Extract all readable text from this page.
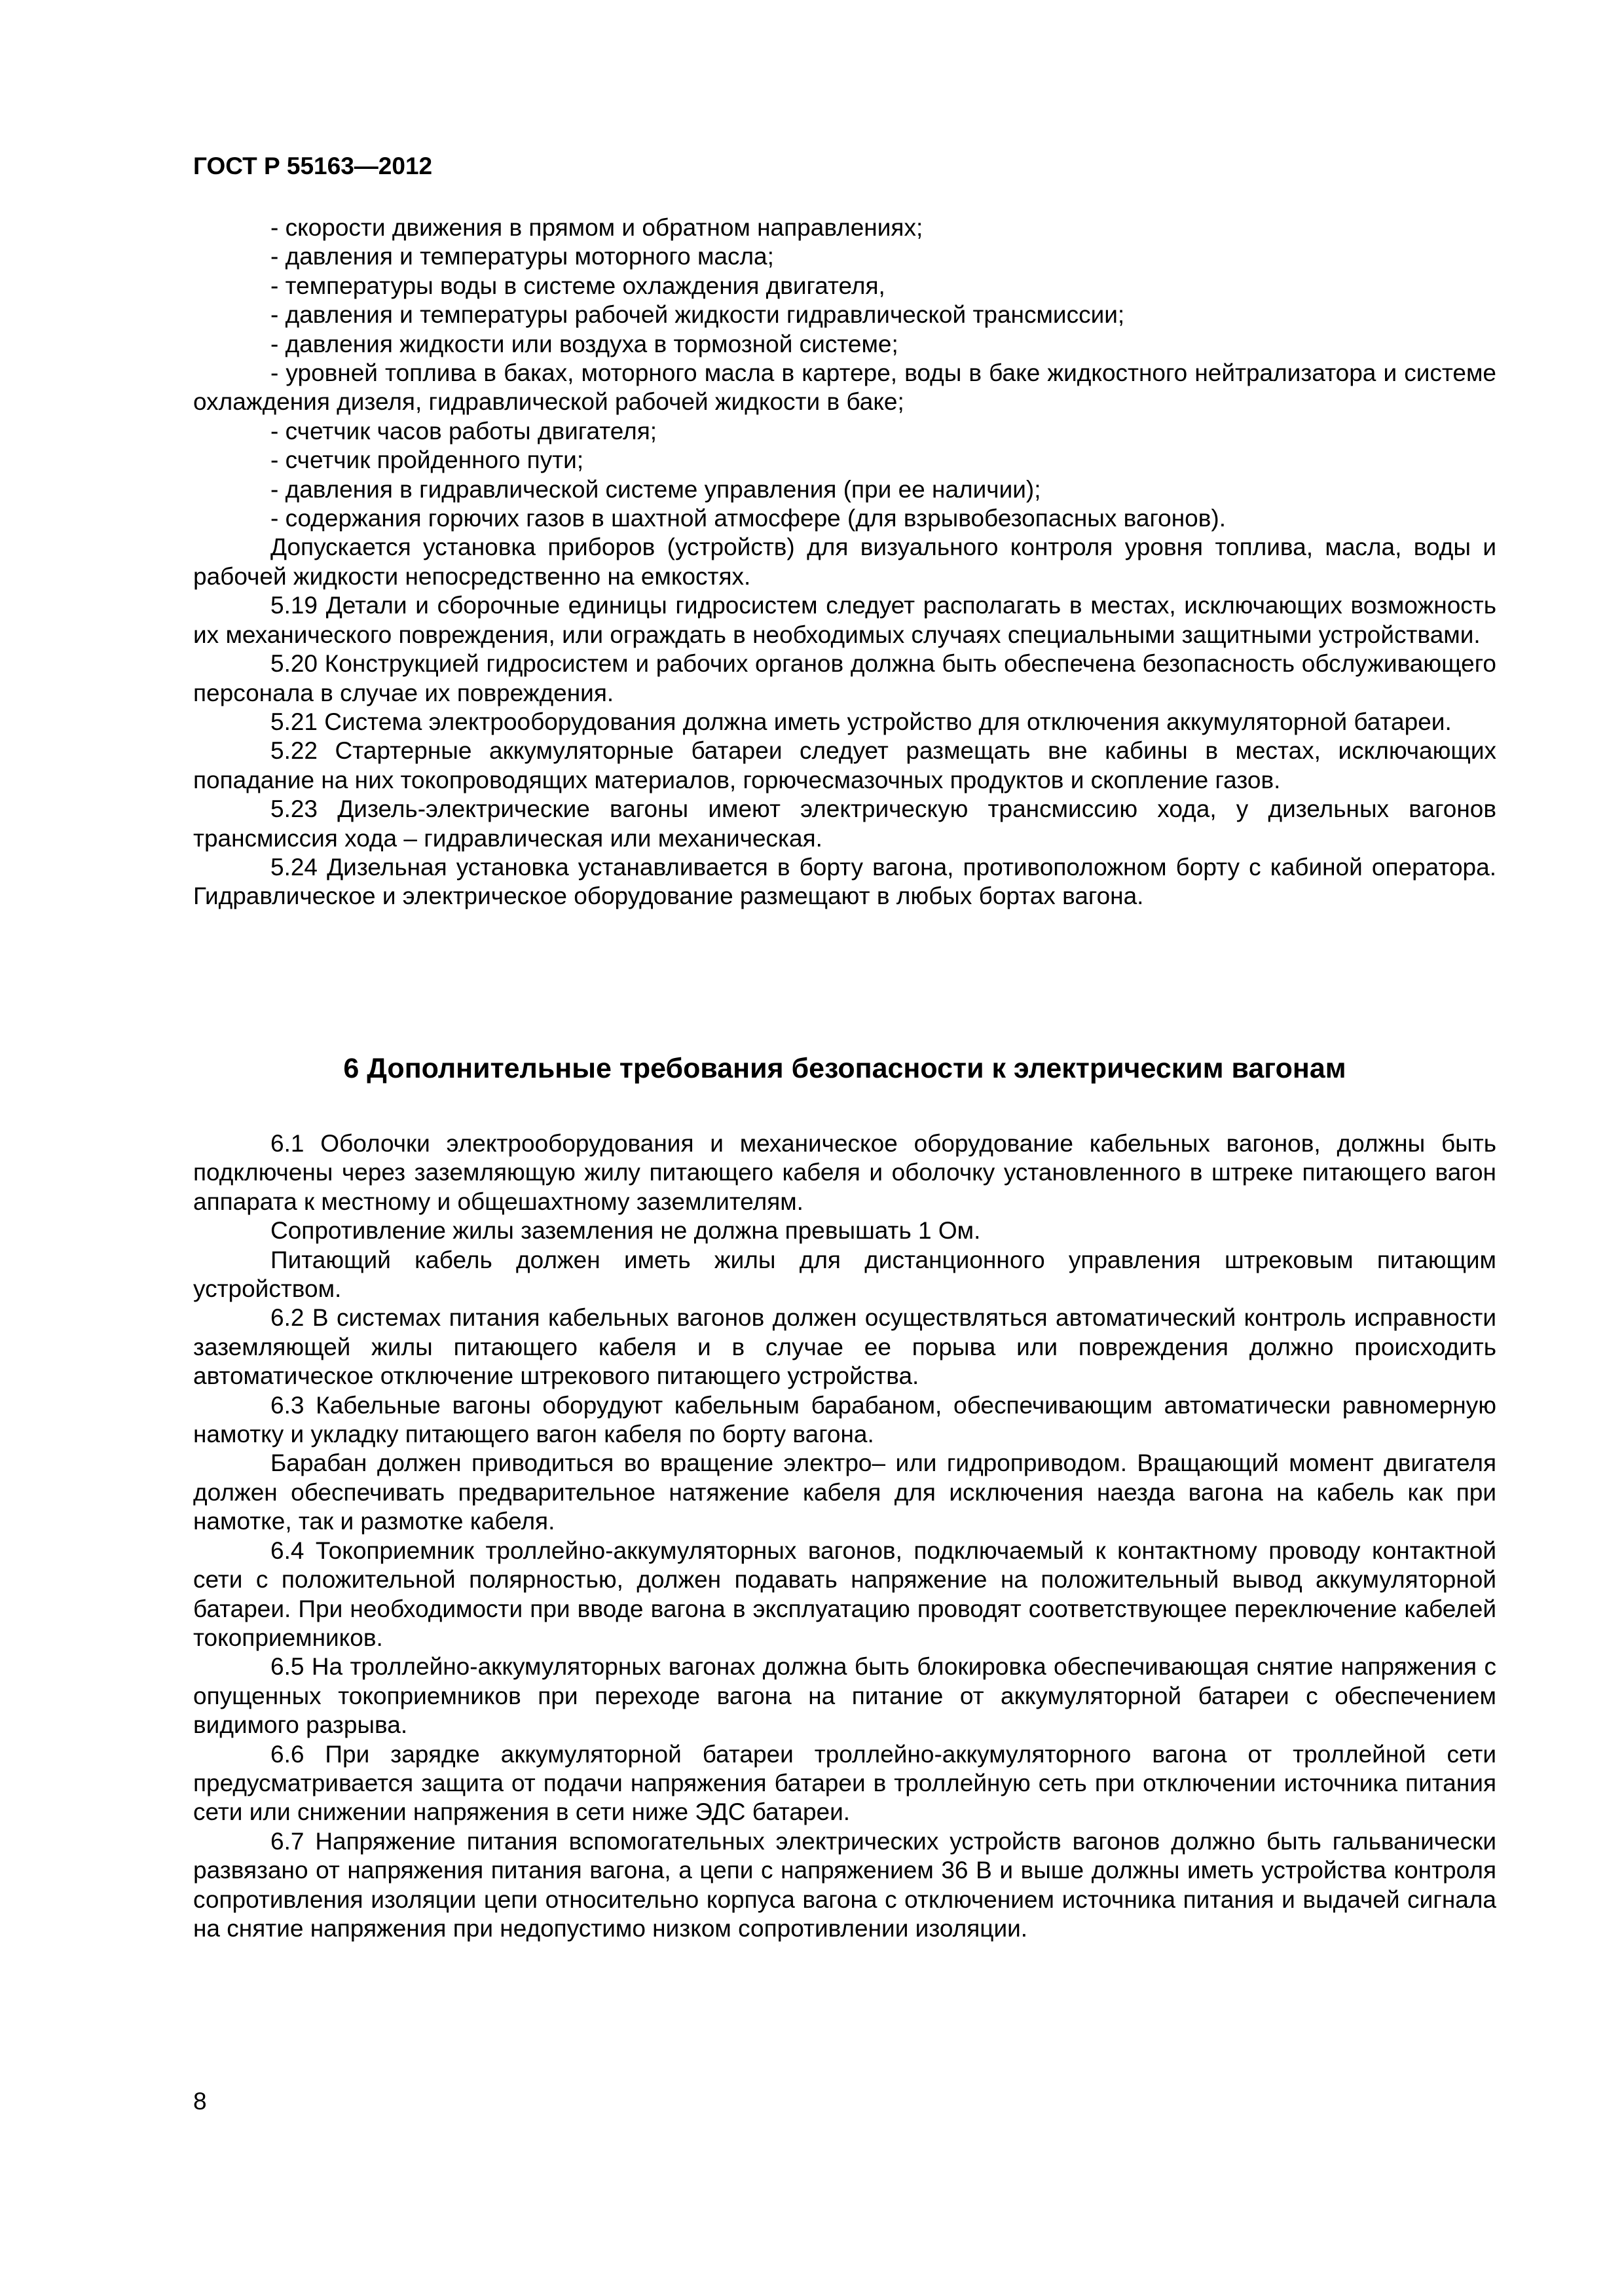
ГОСТ Р 55163—2012

- скорости движения в прямом и обратном направлениях;

- давления и температуры моторного масла;

- температуры воды в системе охлаждения двигателя,

- давления и температуры рабочей жидкости гидравлической трансмиссии;

- давления жидкости или воздуха в тормозной системе;

- уровней топлива в баках, моторного масла в картере, воды в баке жидкостного нейтрализатора и системе охлаждения дизеля, гидравлической рабочей жидкости в баке;

- счетчик часов работы двигателя;

- счетчик пройденного пути;

- давления в гидравлической системе управления (при ее наличии);

- содержания горючих газов в шахтной атмосфере (для взрывобезопасных вагонов).

Допускается установка приборов (устройств) для визуального контроля уровня топлива, масла, воды и рабочей жидкости непосредственно на емкостях.

5.19 Детали и сборочные единицы гидросистем следует располагать в местах, исключающих возможность их механического повреждения, или ограждать в необходимых случаях специальными защитными устройствами.

5.20 Конструкцией гидросистем и рабочих органов должна быть обеспечена безопасность обслуживающего персонала в случае их повреждения.

5.21 Система электрооборудования должна иметь устройство для отключения аккумуляторной батареи.

5.22 Стартерные аккумуляторные батареи следует размещать вне кабины в местах, исключающих попадание на них токопроводящих материалов, горючесмазочных продуктов и скопление газов.

5.23 Дизель-электрические вагоны имеют электрическую трансмиссию хода, у дизельных вагонов трансмиссия хода – гидравлическая или механическая.

5.24 Дизельная установка устанавливается в борту вагона, противоположном борту с кабиной оператора. Гидравлическое и электрическое оборудование размещают в любых бортах вагона.

6 Дополнительные требования безопасности к электрическим вагонам

6.1 Оболочки электрооборудования и механическое оборудование кабельных вагонов, должны быть подключены через заземляющую жилу питающего кабеля и оболочку установленного в штреке питающего вагон аппарата к местному и общешахтному заземлителям.

Сопротивление жилы заземления не должна превышать 1 Ом.

Питающий кабель должен иметь жилы для дистанционного управления штрековым питающим устройством.

6.2 В системах питания кабельных вагонов должен осуществляться автоматический контроль исправности заземляющей жилы питающего кабеля и в случае ее порыва или повреждения должно происходить автоматическое отключение штрекового питающего устройства.

6.3 Кабельные вагоны оборудуют кабельным барабаном, обеспечивающим автоматически равномерную намотку и укладку питающего вагон кабеля по борту вагона.

Барабан должен приводиться во вращение электро– или гидроприводом. Вращающий момент двигателя должен обеспечивать предварительное натяжение кабеля для исключения наезда вагона на кабель как при намотке, так и размотке кабеля.

6.4 Токоприемник троллейно-аккумуляторных вагонов, подключаемый к контактному проводу контактной сети с положительной полярностью, должен подавать напряжение на положительный вывод аккумуляторной батареи. При необходимости при вводе вагона в эксплуатацию проводят соответствующее переключение кабелей токоприемников.

6.5 На троллейно-аккумуляторных вагонах должна быть блокировка обеспечивающая снятие напряжения с опущенных токоприемников при переходе вагона на питание от аккумуляторной батареи с обеспечением видимого разрыва.

6.6 При зарядке аккумуляторной батареи троллейно-аккумуляторного вагона от троллейной сети предусматривается защита от подачи напряжения батареи в троллейную сеть при отключении источника питания сети или снижении напряжения в сети ниже ЭДС батареи.

6.7 Напряжение питания вспомогательных электрических устройств вагонов должно быть гальванически развязано от напряжения питания вагона, а цепи с напряжением 36 В и выше должны иметь устройства контроля сопротивления изоляции цепи относительно корпуса вагона с отключением источника питания и выдачей сигнала на снятие напряжения при недопустимо низком сопротивлении изоляции.

8
